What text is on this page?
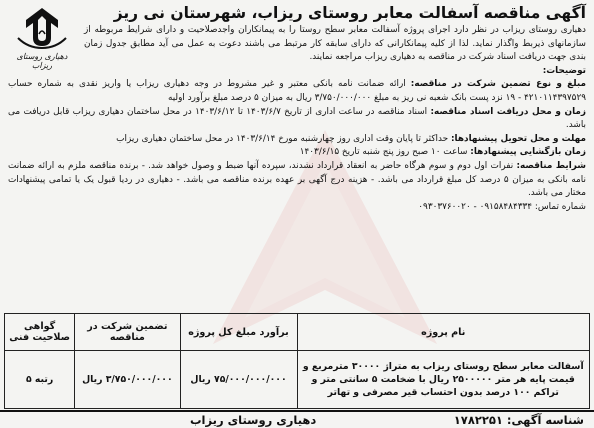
دهیاری روستای ریزاب
آگهی مناقصه آسفالت معابر روستای ریزاب، شهرستان نی ریز

دهیاری روستای ریزاب در نظر دارد اجرای پروژه آسفالت معابر سطح روستا را به پیمانکاران واجدصلاحیت و دارای شرایط مربوطه از سازمانهای ذیربط واگذار نماید. لذا از کلیه پیمانکارانی که دارای سابقه کار مرتبط می باشند دعوت به عمل می آید مطابق جدول زمان بندی جهت دریافت اسناد شرکت در مناقصه به دهیاری ریزاب مراجعه نمایند.

توضیحات:

مبلغ و نوع تضمین شرکت در مناقصه: ارائه ضمانت نامه بانکی معتبر و غیر مشروط در وجه دهیاری ریزاب یا واریز نقدی به شماره حساب ۴۲۱۰۱۱۴۳۹۷۵۲۹ - ۱۹ نزد پست بانک شعبه نی ریز به مبلغ ۳/۷۵۰/۰۰۰/۰۰۰ ریال به میزان ۵ درصد مبلغ برآورد اولیه

زمان و محل دریافت اسناد مناقصه: اسناد مناقصه در ساعت اداری از تاریخ ۱۴۰۳/۶/۷ تا ۱۴۰۳/۶/۱۲ در محل ساختمان دهیاری ریزاب قابل دریافت می باشد.

مهلت و محل تحویل پیشنهادها: حداکثر تا پایان وقت اداری روز چهارشنبه مورخ ۱۴۰۳/۶/۱۴ در محل ساختمان دهیاری ریزاب

زمان بازگشایی پیشنهادها: ساعت ۱۰ صبح روز پنج شنبه تاریخ ۱۴۰۳/۶/۱۵

شرایط مناقصه: نفرات اول دوم و سوم هرگاه حاضر به انعقاد قرارداد نشدند، سپرده آنها ضبط و وصول خواهد شد. - برنده مناقصه ملزم به ارائه ضمانت نامه بانکی به میزان ۵ درصد کل مبلغ قرارداد می باشد. - هزینه درج آگهی بر عهده برنده مناقصه می باشد. - دهیاری در ردیا قبول یک یا تمامی پیشنهادات مختار می باشد.

شماره تماس: ۰۹۱۵۸۴۸۴۳۳۴ - ۰۹۳۰۳۷۶۰۰۲۰

نام پروژه	برآورد مبلغ کل پروژه	تضمین شرکت در مناقصه	گواهی صلاحیت فنی
آسفالت معابر سطح روستای ریزاب به متراژ ۳۰۰۰۰ مترمربع و قیمت پایه هر متر ۲۵۰۰۰۰۰ ریال با ضخامت ۵ سانتی متر و تراکم ۱۰۰ درصد بدون احتساب قیر مصرفی و تهاتر	۷۵/۰۰۰/۰۰۰/۰۰۰ ریال	۳/۷۵۰/۰۰۰/۰۰۰ ریال	رتبه ۵
شناسه آگهی: ۱۷۸۲۲۵۱
دهیاری روستای ریزاب
